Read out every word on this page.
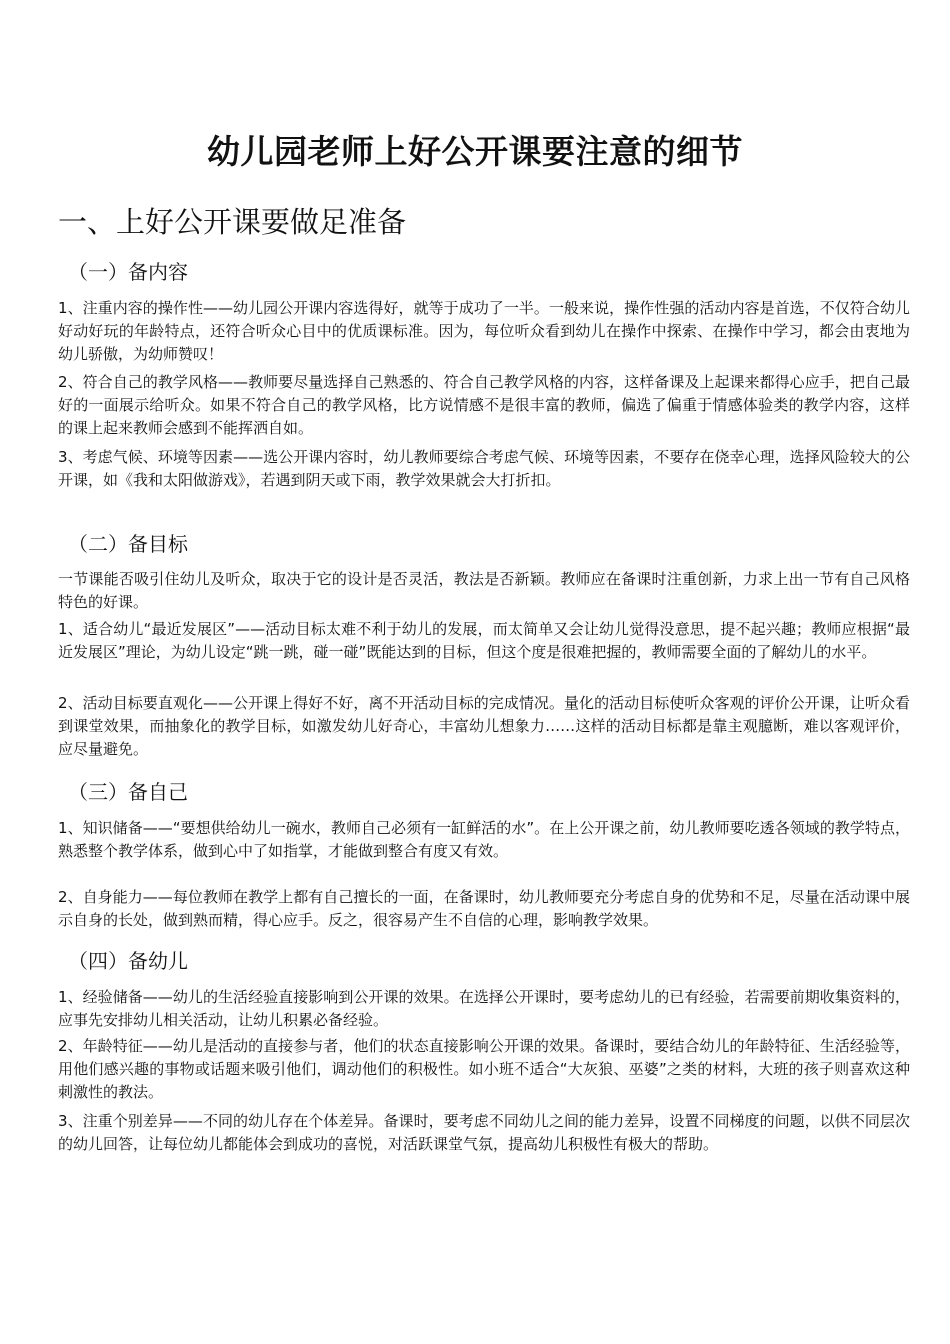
幼儿园老师上好公开课要注意的细节
一、上好公开课要做足准备
（一）备内容

1、注重内容的操作性——幼儿园公开课内容选得好，就等于成功了一半。一般来说，操作性强的活动内容是首选，不仅符合幼儿好动好玩的年龄特点，还符合听众心目中的优质课标准。因为，每位听众看到幼儿在操作中探索、在操作中学习，都会由衷地为幼儿骄傲，为幼师赞叹！

2、符合自己的教学风格——教师要尽量选择自己熟悉的、符合自己教学风格的内容，这样备课及上起课来都得心应手，把自己最好的一面展示给听众。如果不符合自己的教学风格，比方说情感不是很丰富的教师，偏选了偏重于情感体验类的教学内容，这样的课上起来教师会感到不能挥洒自如。

3、考虑气候、环境等因素——选公开课内容时，幼儿教师要综合考虑气候、环境等因素，不要存在侥幸心理，选择风险较大的公开课，如《我和太阳做游戏》，若遇到阴天或下雨，教学效果就会大打折扣。

（二）备目标

一节课能否吸引住幼儿及听众，取决于它的设计是否灵活，教法是否新颖。教师应在备课时注重创新，力求上出一节有自己风格特色的好课。

1、适合幼儿“最近发展区”——活动目标太难不利于幼儿的发展，而太简单又会让幼儿觉得没意思，提不起兴趣；教师应根据“最近发展区”理论，为幼儿设定“跳一跳，碰一碰”既能达到的目标，但这个度是很难把握的，教师需要全面的了解幼儿的水平。

2、活动目标要直观化——公开课上得好不好，离不开活动目标的完成情况。量化的活动目标使听众客观的评价公开课，让听众看到课堂效果，而抽象化的教学目标，如激发幼儿好奇心，丰富幼儿想象力……这样的活动目标都是靠主观臆断，难以客观评价，应尽量避免。

（三）备自己

1、知识储备——“要想供给幼儿一碗水，教师自己必须有一缸鲜活的水”。在上公开课之前，幼儿教师要吃透各领域的教学特点，熟悉整个教学体系，做到心中了如指掌，才能做到整合有度又有效。

2、自身能力——每位教师在教学上都有自己擅长的一面，在备课时，幼儿教师要充分考虑自身的优势和不足，尽量在活动课中展示自身的长处，做到熟而精，得心应手。反之，很容易产生不自信的心理，影响教学效果。

（四）备幼儿

1、经验储备——幼儿的生活经验直接影响到公开课的效果。在选择公开课时，要考虑幼儿的已有经验，若需要前期收集资料的，应事先安排幼儿相关活动，让幼儿积累必备经验。

2、年龄特征——幼儿是活动的直接参与者，他们的状态直接影响公开课的效果。备课时，要结合幼儿的年龄特征、生活经验等，用他们感兴趣的事物或话题来吸引他们，调动他们的积极性。如小班不适合“大灰狼、巫婆”之类的材料，大班的孩子则喜欢这种刺激性的教法。

3、注重个别差异——不同的幼儿存在个体差异。备课时，要考虑不同幼儿之间的能力差异，设置不同梯度的问题，以供不同层次的幼儿回答，让每位幼儿都能体会到成功的喜悦，对活跃课堂气氛，提高幼儿积极性有极大的帮助。
